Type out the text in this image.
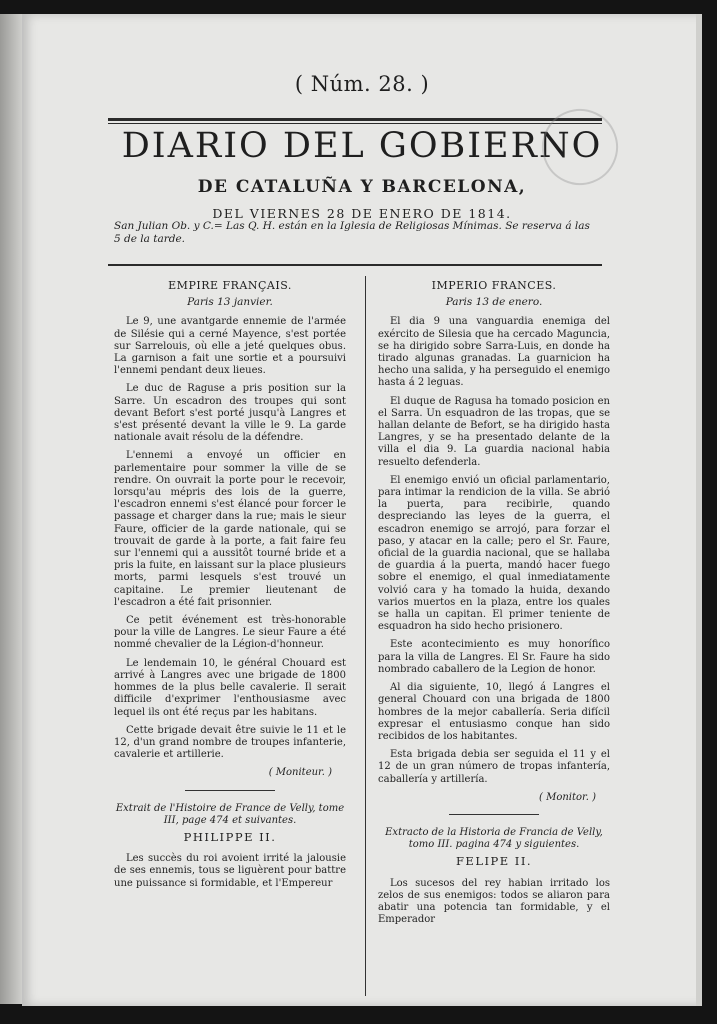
( Núm. 28. )
DIARIO DEL GOBIERNO
DE CATALUÑA Y BARCELONA,
DEL VIERNES 28 DE ENERO DE 1814.
San Julian Ob. y C.= Las Q. H. están en la Iglesia de Religiosas Mínimas. Se reserva á las 5 de la tarde.
EMPIRE FRANÇAIS.
Paris 13 janvier.

Le 9, une avantgarde ennemie de l'armée de Silésie qui a cerné Mayence, s'est portée sur Sarrelouis, où elle a jeté quelques obus. La garnison a fait une sortie et a poursuivi l'ennemi pendant deux lieues.

Le duc de Raguse a pris position sur la Sarre. Un escadron des troupes qui sont devant Befort s'est porté jusqu'à Langres et s'est présenté devant la ville le 9. La garde nationale avait résolu de la défendre.

L'ennemi a envoyé un officier en parlementaire pour sommer la ville de se rendre. On ouvrait la porte pour le recevoir, lorsqu'au mépris des lois de la guerre, l'escadron ennemi s'est élancé pour forcer le passage et charger dans la rue; mais le sieur Faure, officier de la garde nationale, qui se trouvait de garde à la porte, a fait faire feu sur l'ennemi qui a aussitôt tourné bride et a pris la fuite, en laissant sur la place plusieurs morts, parmi lesquels s'est trouvé un capitaine. Le premier lieutenant de l'escadron a été fait prisonnier.

Ce petit événement est très-honorable pour la ville de Langres. Le sieur Faure a été nommé chevalier de la Légion-d'honneur.

Le lendemain 10, le général Chouard est arrivé à Langres avec une brigade de 1800 hommes de la plus belle cavalerie. Il serait difficile d'exprimer l'enthousiasme avec lequel ils ont été reçus par les habitans.

Cette brigade devait être suivie le 11 et le 12, d'un grand nombre de troupes infanterie, cavalerie et artillerie.

( Moniteur. )
Extrait de l'Histoire de France de Velly, tome III, page 474 et suivantes.
PHILIPPE II.

Les succès du roi avoient irrité la jalousie de ses ennemis, tous se liguèrent pour battre une puissance si formidable, et l'Empereur

IMPERIO FRANCES.
Paris 13 de enero.

El dia 9 una vanguardia enemiga del exército de Silesia que ha cercado Maguncia, se ha dirigido sobre Sarra-Luis, en donde ha tirado algunas granadas. La guarnicion ha hecho una salida, y ha perseguido el enemigo hasta á 2 leguas.

El duque de Ragusa ha tomado posicion en el Sarra. Un esquadron de las tropas, que se hallan delante de Befort, se ha dirigido hasta Langres, y se ha presentado delante de la villa el dia 9. La guardia nacional habia resuelto defenderla.

El enemigo envió un oficial parlamentario, para intimar la rendicion de la villa. Se abrió la puerta, para recibirle, quando despreciando las leyes de la guerra, el escadron enemigo se arrojó, para forzar el paso, y atacar en la calle; pero el Sr. Faure, oficial de la guardia nacional, que se hallaba de guardia á la puerta, mandó hacer fuego sobre el enemigo, el qual inmediatamente volvió cara y ha tomado la huida, dexando varios muertos en la plaza, entre los quales se halla un capitan. El primer teniente de esquadron ha sido hecho prisionero.

Este acontecimiento es muy honorífico para la villa de Langres. El Sr. Faure ha sido nombrado caballero de la Legion de honor.

Al dia siguiente, 10, llegó á Langres el general Chouard con una brigada de 1800 hombres de la mejor caballería. Seria difícil expresar el entusiasmo conque han sido recibidos de los habitantes.

Esta brigada debia ser seguida el 11 y el 12 de un gran número de tropas infantería, caballería y artillería.

( Monitor. )
Extracto de la Historia de Francia de Velly, tomo III. pagina 474 y siguientes.
FELIPE II.

Los sucesos del rey habian irritado los zelos de sus enemigos: todos se aliaron para abatir una potencia tan formidable, y el Emperador
